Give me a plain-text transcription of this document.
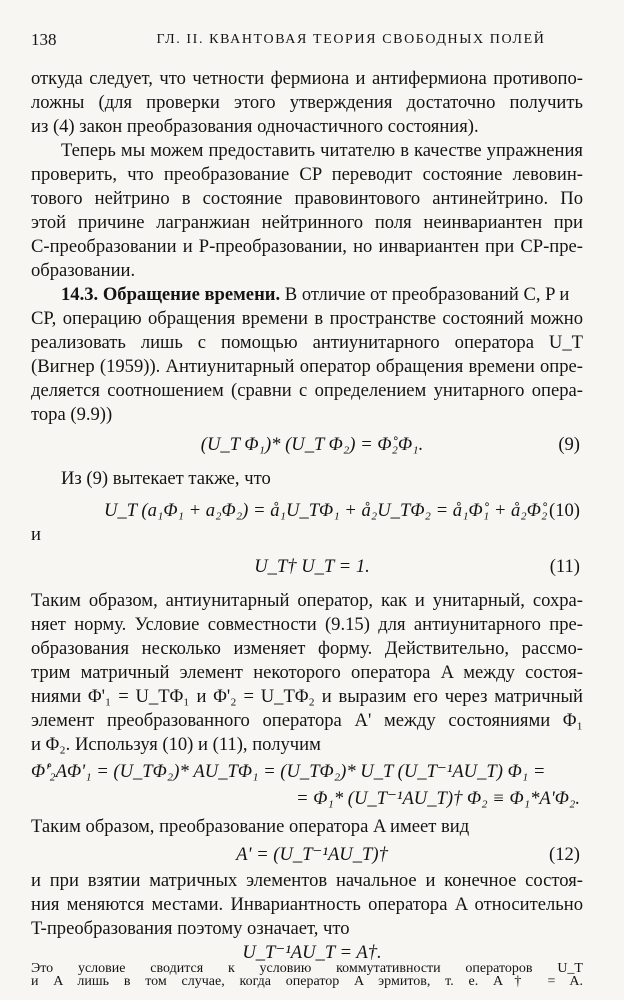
138	ГЛ. II. КВАНТОВАЯ ТЕОРИЯ СВОБОДНЫХ ПОЛЕЙ
откуда следует, что четности фермиона и антифермиона противопо-
ложны (для проверки этого утверждения достаточно получить
из (4) закон преобразования одночастичного состояния).
Теперь мы можем предоставить читателю в качестве упражнения
проверить, что преобразование CP переводит состояние левовин-
тового нейтрино в состояние правовинтового антинейтрино. По
этой причине лагранжиан нейтринного поля неинвариантен при
C-преобразовании и P-преобразовании, но инвариантен при CP-пре-
образовании.
14.3. Обращение времени. В отличие от преобразований C, P и
CP, операцию обращения времени в пространстве состояний можно
реализовать лишь с помощью антиунитарного оператора U_T
(Вигнер (1959)). Антиунитарный оператор обращения времени опре-
деляется соотношением (сравни с определением унитарного опера-
тора (9.9))
(U_T Φ₁)* (U_T Φ₂) = Φ̊₂Φ₁.	(9)
Из (9) вытекает также, что
U_T (a₁Φ₁ + a₂Φ₂) = å₁U_TΦ₁ + å₂U_TΦ₂ = å₁Φ̊₁ + å₂Φ̊₂ (10)
и
U_T† U_T = 1.	(11)
Таким образом, антиунитарный оператор, как и унитарный, сохра-
няет норму. Условие совместности (9.15) для антиунитарного пре-
образования несколько изменяет форму. Действительно, рассмо-
трим матричный элемент некоторого оператора A между состоя-
ниями Φ'₁ = U_TΦ₁ и Φ'₂ = U_TΦ₂ и выразим его через матричный
элемент преобразованного оператора A' между состояниями Φ₁
и Φ₂. Используя (10) и (11), получим
Φ̊'₂AΦ'₁ = (U_TΦ₂)* AU_TΦ₁ = (U_TΦ₂)* U_T (U_T⁻¹AU_T) Φ₁ =
= Φ₁* (U_T⁻¹AU_T)† Φ₂ ≡ Φ₁*A'Φ₂.
Таким образом, преобразование оператора A имеет вид
A' = (U_T⁻¹AU_T)†	(12)
и при взятии матричных элементов начальное и конечное состоя-
ния меняются местами. Инвариантность оператора A относительно
T-преобразования поэтому означает, что
U_T⁻¹AU_T = A†.
Это условие сводится к условию коммутативности операторов U_T
и A лишь в том случае, когда оператор A эрмитов, т. е. A† = A.
